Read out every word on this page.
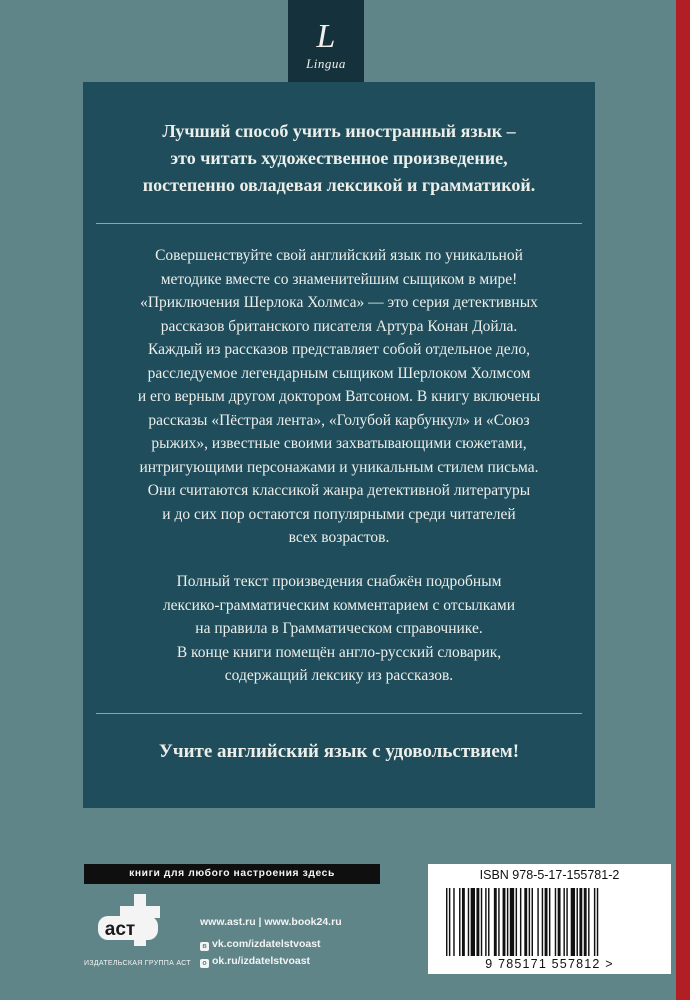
L
Lingua
Лучший способ учить иностранный язык –
это читать художественное произведение,
постепенно овладевая лексикой и грамматикой.
Совершенствуйте свой английский язык по уникальной
методике вместе со знаменитейшим сыщиком в мире!
«Приключения Шерлока Холмса» — это серия детективных
рассказов британского писателя Артура Конан Дойла.
Каждый из рассказов представляет собой отдельное дело,
расследуемое легендарным сыщиком Шерлоком Холмсом
и его верным другом доктором Ватсоном. В книгу включены
рассказы «Пёстрая лента», «Голубой карбункул» и «Союз
рыжих», известные своими захватывающими сюжетами,
интригующими персонажами и уникальным стилем письма.
Они считаются классикой жанра детективной литературы
и до сих пор остаются популярными среди читателей
всех возрастов.
Полный текст произведения снабжён подробным
лексико-грамматическим комментарием с отсылками
на правила в Грамматическом справочнике.
В конце книги помещён англо-русский словарик,
содержащий лексику из рассказов.
Учите английский язык с удовольствием!
книги для любого настроения здесь
аст
ИЗДАТЕЛЬСКАЯ ГРУППА АСТ
www.ast.ru | www.book24.ru
в vk.com/izdatelstvoast
о ok.ru/izdatelstvoast
ISBN 978-5-17-155781-2
9 785171 557812 >
